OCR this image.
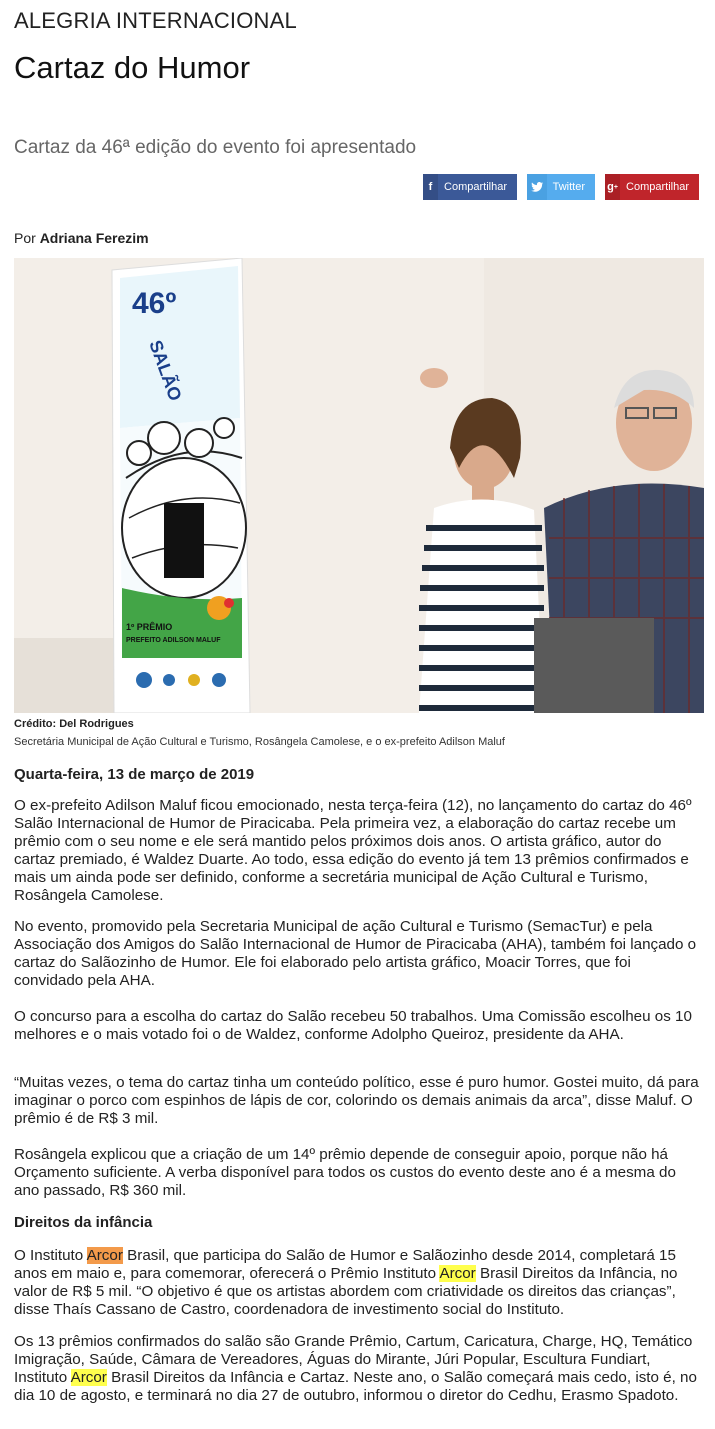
ALEGRIA INTERNACIONAL
Cartaz do Humor
Cartaz da 46ª edição do evento foi apresentado
f	Compartilhar	Twitter g + Compartilhar
Por Adriana Ferezim
46º
SALÃO
1º PRÊMIO
PREFEITO ADILSON MALUF
Crédito: Del Rodrigues
Secretária Municipal de Ação Cultural e Turismo, Rosângela Camolese, e o ex-prefeito Adilson Maluf
Quarta-feira, 13 de março de 2019

O ex-prefeito Adilson Maluf ficou emocionado, nesta terça-feira (12), no lançamento do cartaz do 46º Salão Internacional de Humor de Piracicaba. Pela primeira vez, a elaboração do cartaz recebe um prêmio com o seu nome e ele será mantido pelos próximos dois anos. O artista gráfico, autor do cartaz premiado, é Waldez Duarte. Ao todo, essa edição do evento já tem 13 prêmios confirmados e mais um ainda pode ser definido, conforme a secretária municipal de Ação Cultural e Turismo, Rosângela Camolese.

No evento, promovido pela Secretaria Municipal de ação Cultural e Turismo (SemacTur) e pela Associação dos Amigos do Salão Internacional de Humor de Piracicaba (AHA), também foi lançado o cartaz do Salãozinho de Humor. Ele foi elaborado pelo artista gráfico, Moacir Torres, que foi convidado pela AHA.

O concurso para a escolha do cartaz do Salão recebeu 50 trabalhos. Uma Comissão escolheu os 10 melhores e o mais votado foi o de Waldez, conforme Adolpho Queiroz, presidente da AHA.

“Muitas vezes, o tema do cartaz tinha um conteúdo político, esse é puro humor. Gostei muito, dá para imaginar o porco com espinhos de lápis de cor, colorindo os demais animais da arca”, disse Maluf. O prêmio é de R$ 3 mil.

Rosângela explicou que a criação de um 14º prêmio depende de conseguir apoio, porque não há Orçamento suficiente. A verba disponível para todos os custos do evento deste ano é a mesma do ano passado, R$ 360 mil.

Direitos da infância

O Instituto Arcor Brasil, que participa do Salão de Humor e Salãozinho desde 2014, completará 15 anos em maio e, para comemorar, oferecerá o Prêmio Instituto Arcor Brasil Direitos da Infância, no valor de R$ 5 mil. “O objetivo é que os artistas abordem com criatividade os direitos das crianças”, disse Thaís Cassano de Castro, coordenadora de investimento social do Instituto.

Os 13 prêmios confirmados do salão são Grande Prêmio, Cartum, Caricatura, Charge, HQ, Temático Imigração, Saúde, Câmara de Vereadores, Águas do Mirante, Júri Popular, Escultura Fundiart, Instituto Arcor Brasil Direitos da Infância e Cartaz. Neste ano, o Salão começará mais cedo, isto é, no dia 10 de agosto, e terminará no dia 27 de outubro, informou o diretor do Cedhu, Erasmo Spadoto.
